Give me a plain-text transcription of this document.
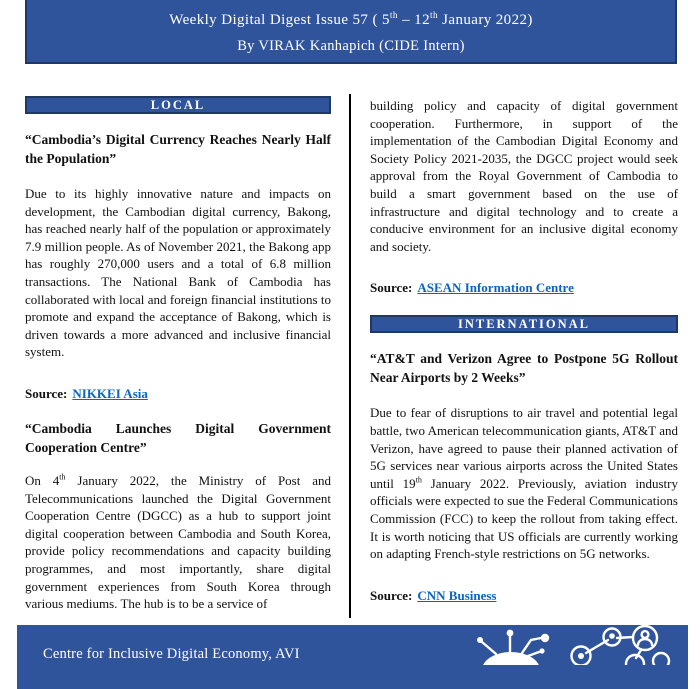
Weekly Digital Digest Issue 57 ( 5th – 12th January 2022)
By VIRAK Kanhapich (CIDE Intern)
LOCAL
“Cambodia’s Digital Currency Reaches Nearly Half the Population”

Due to its highly innovative nature and impacts on development, the Cambodian digital currency, Bakong, has reached nearly half of the population or approximately 7.9 million people. As of November 2021, the Bakong app has roughly 270,000 users and a total of 6.8 million transactions. The National Bank of Cambodia has collaborated with local and foreign financial institutions to promote and expand the acceptance of Bakong, which is driven towards a more advanced and inclusive financial system.

Source: NIKKEI Asia

“Cambodia Launches Digital Government Cooperation Centre”

On 4th January 2022, the Ministry of Post and Telecommunications launched the Digital Government Cooperation Centre (DGCC) as a hub to support joint digital cooperation between Cambodia and South Korea, provide policy recommendations and capacity building programmes, and most importantly, share digital government experiences from South Korea through various mediums. The hub is to be a service of

building policy and capacity of digital government cooperation. Furthermore, in support of the implementation of the Cambodian Digital Economy and Society Policy 2021-2035, the DGCC project would seek approval from the Royal Government of Cambodia to build a smart government based on the use of infrastructure and digital technology and to create a conducive environment for an inclusive digital economy and society.

Source: ASEAN Information Centre

INTERNATIONAL
“AT&T and Verizon Agree to Postpone 5G Rollout Near Airports by 2 Weeks”

Due to fear of disruptions to air travel and potential legal battle, two American telecommunication giants, AT&T and Verizon, have agreed to pause their planned activation of 5G services near various airports across the United States until 19th January 2022. Previously, aviation industry officials were expected to sue the Federal Communications Commission (FCC) to keep the rollout from taking effect. It is worth noticing that US officials are currently working on adapting French-style restrictions on 5G networks.

Source: CNN Business

Centre for Inclusive Digital Economy, AVI
